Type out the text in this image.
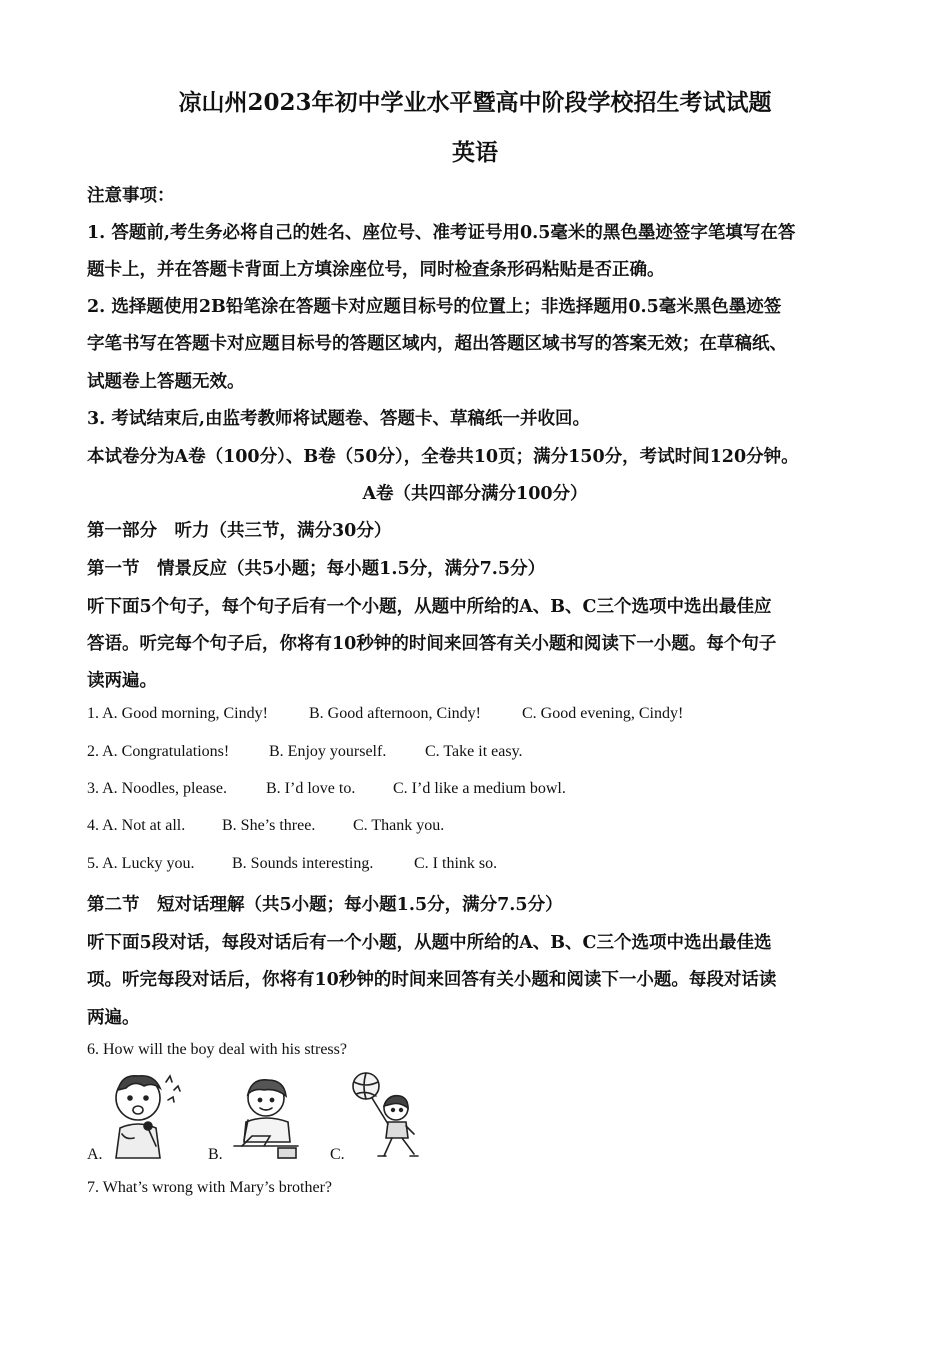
凉山州2023年初中学业水平暨高中阶段学校招生考试试题
英语
注意事项：
1. 答题前,考生务必将自己的姓名、座位号、准考证号用0.5毫米的黑色墨迹签字笔填写在答
题卡上，并在答题卡背面上方填涂座位号，同时检查条形码粘贴是否正确。
2. 选择题使用2B铅笔涂在答题卡对应题目标号的位置上；非选择题用0.5毫米黑色墨迹签
字笔书写在答题卡对应题目标号的答题区域内，超出答题区域书写的答案无效；在草稿纸、
试题卷上答题无效。
3. 考试结束后,由监考教师将试题卷、答题卡、草稿纸一并收回。
本试卷分为A卷（100分）、B卷（50分），全卷共10页；满分150分，考试时间120分钟。
A卷（共四部分满分100分）
第一部分　听力（共三节，满分30分）
第一节　情景反应（共5小题；每小题1.5分，满分7.5分）
听下面5个句子，每个句子后有一个小题，从题中所给的A、B、C三个选项中选出最佳应
答语。听完每个句子后，你将有10秒钟的时间来回答有关小题和阅读下一小题。每个句子
读两遍。
1. A. Good morning, Cindy!	B. Good afternoon, Cindy!	C. Good evening, Cindy!
2. A. Congratulations! B. Enjoy yourself. C. Take it easy.
3. A. Noodles, please. B. I’d love to. C. I’d like a medium bowl.
4. A. Not at all. B. She’s three. C. Thank you.
5. A. Lucky you. B. Sounds interesting.	C. I think so.
第二节　短对话理解（共5小题；每小题1.5分，满分7.5分）
听下面5段对话，每段对话后有一个小题，从题中所给的A、B、C三个选项中选出最佳选
项。听完每段对话后，你将有10秒钟的时间来回答有关小题和阅读下一小题。每段对话读
两遍。
6. How will the boy deal with his stress?
A.	B.	C.
7. What’s wrong with Mary’s brother?
